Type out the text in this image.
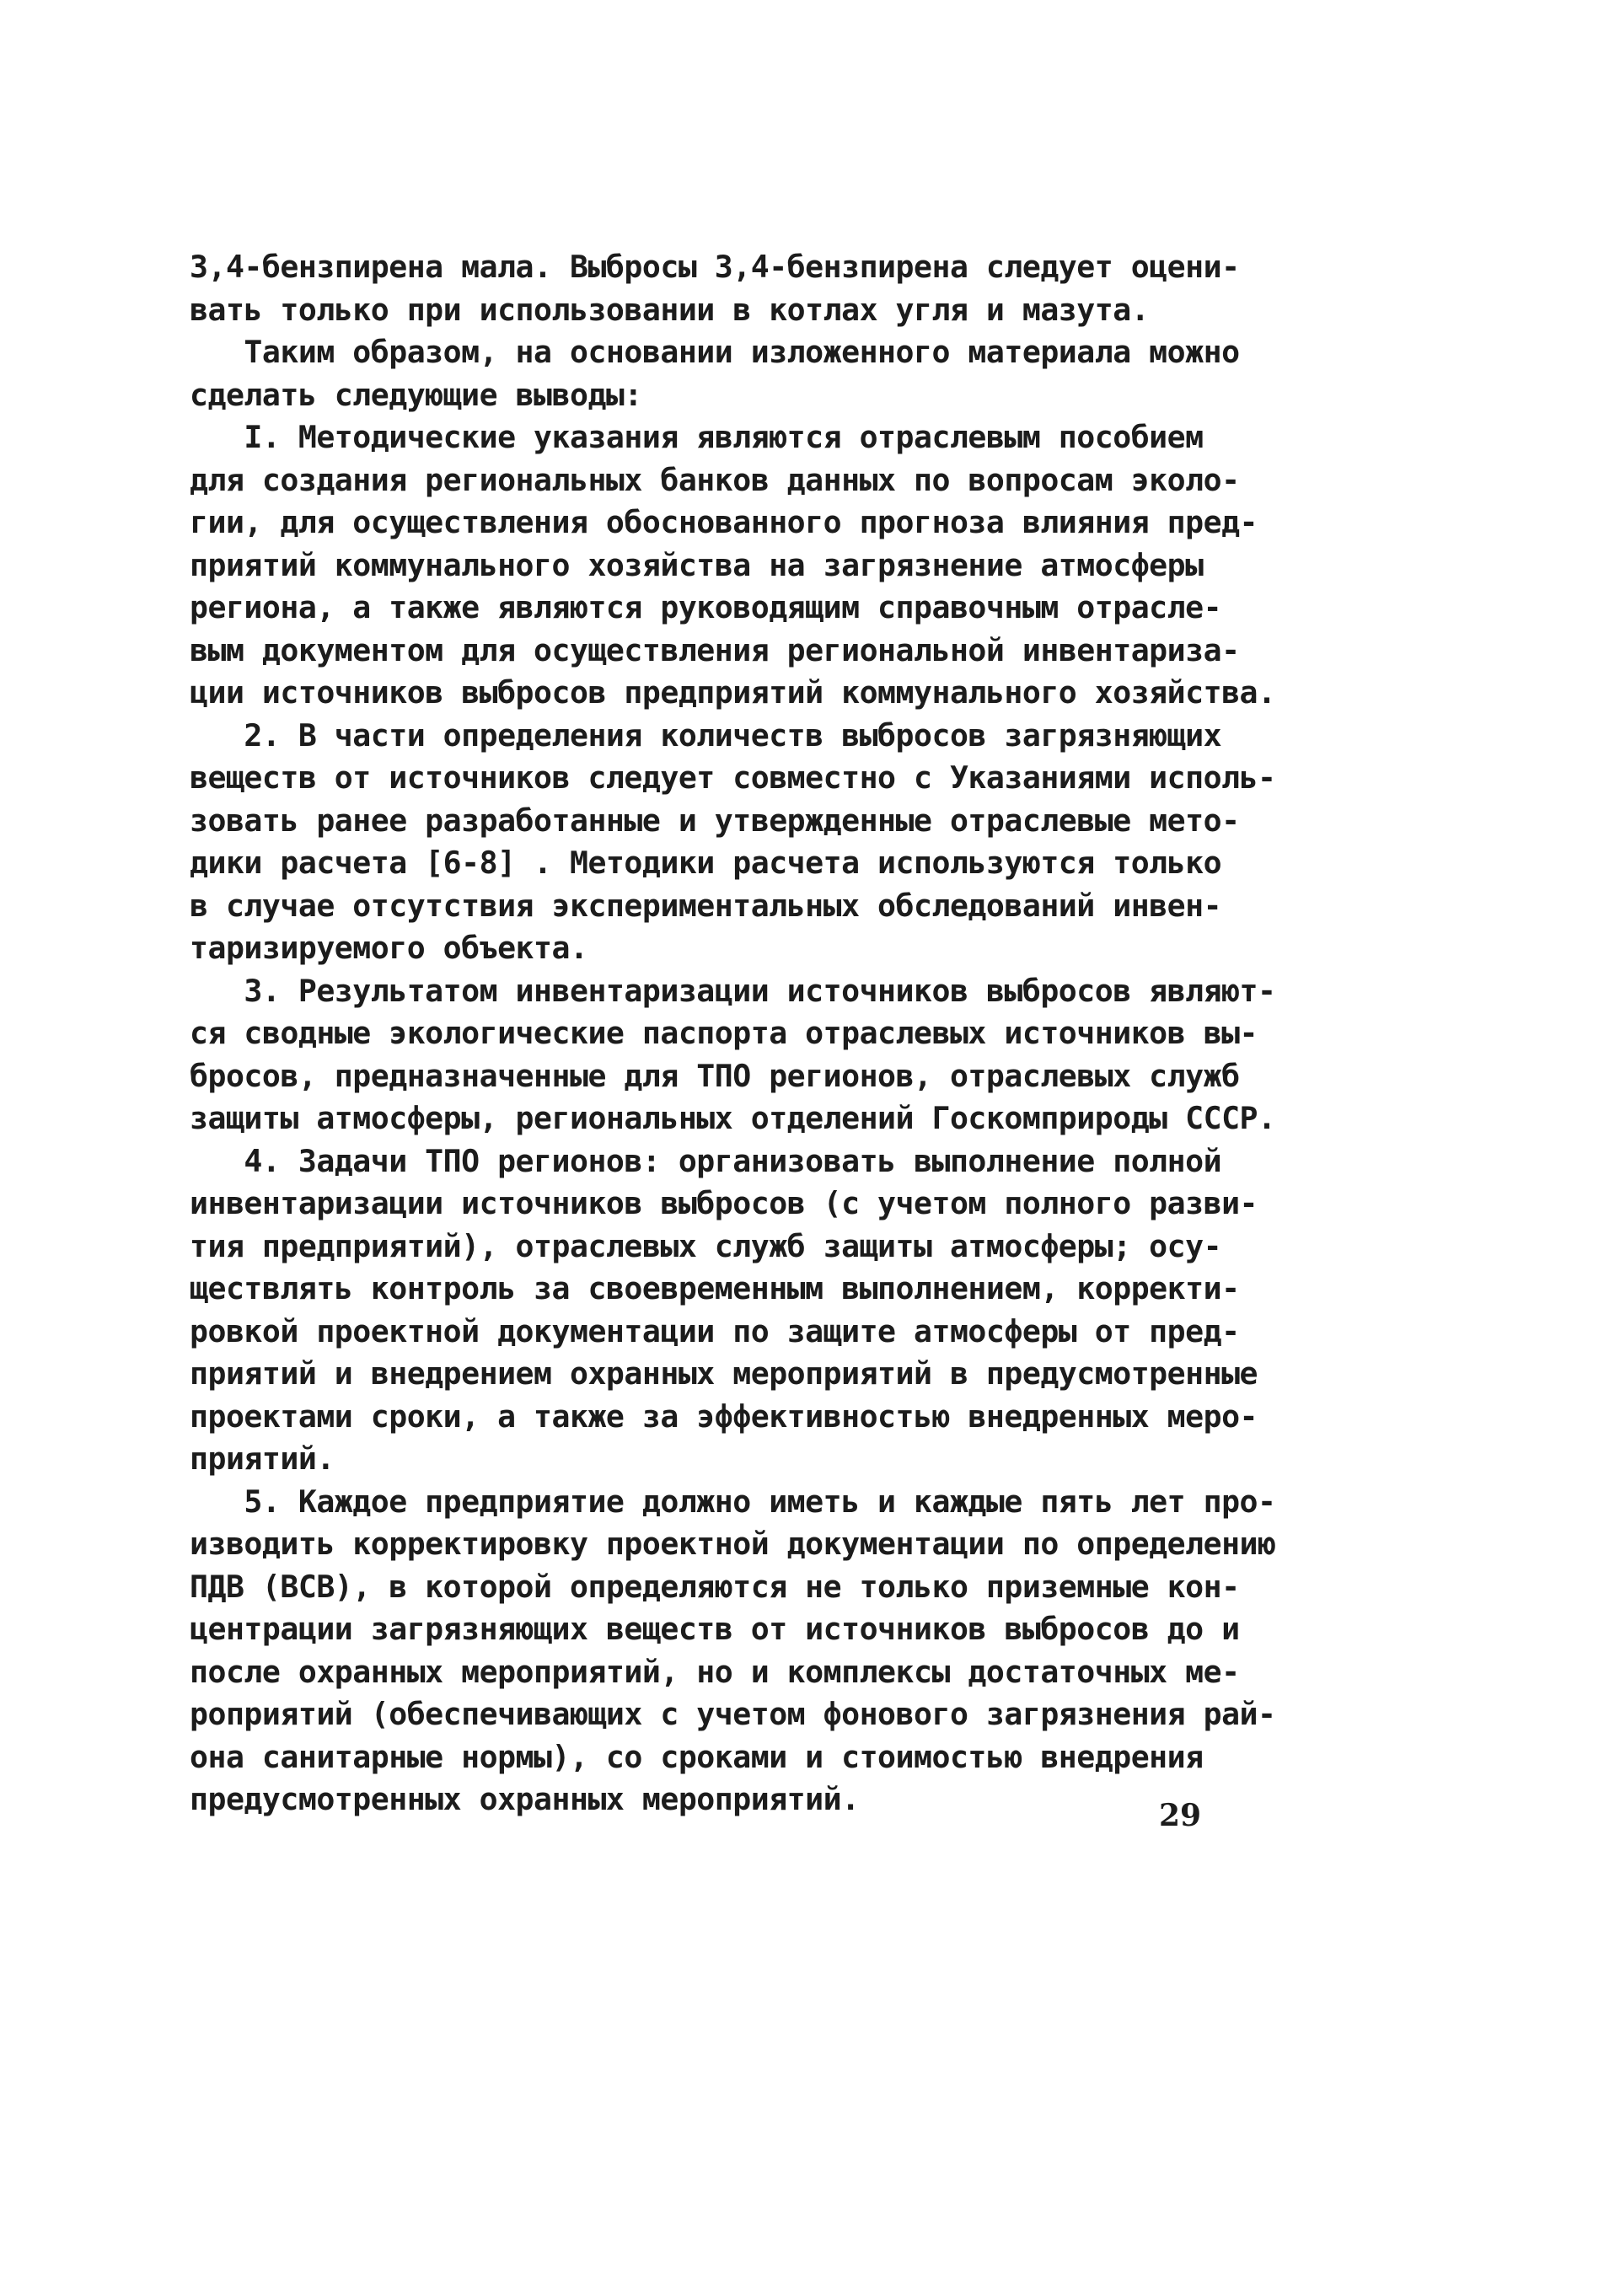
3,4-бензпирена мала. Выбросы 3,4-бензпирена следует оцени-
вать только при использовании в котлах угля и мазута.
Таким образом, на основании изложенного материала можно
сделать следующие выводы:
I. Методические указания являются отраслевым пособием
для создания региональных банков данных по вопросам эколо-
гии, для осуществления обоснованного прогноза влияния пред-
приятий коммунального хозяйства на загрязнение атмосферы
региона, а также являются руководящим справочным отрасле-
вым документом для осуществления региональной инвентариза-
ции источников выбросов предприятий коммунального хозяйства.
2. В части определения количеств выбросов загрязняющих
веществ от источников следует совместно с Указаниями исполь-
зовать ранее разработанные и утвержденные отраслевые мето-
дики расчета [6-8] . Методики расчета используются только
в случае отсутствия экспериментальных обследований инвен-
таризируемого объекта.
3. Результатом инвентаризации источников выбросов являют-
ся сводные экологические паспорта отраслевых источников вы-
бросов, предназначенные для ТПО регионов, отраслевых служб
защиты атмосферы, региональных отделений Госкомприроды СССР.
4. Задачи ТПО регионов: организовать выполнение полной
инвентаризации источников выбросов (с учетом полного разви-
тия предприятий), отраслевых служб защиты атмосферы; осу-
ществлять контроль за своевременным выполнением, корректи-
ровкой проектной документации по защите атмосферы от пред-
приятий и внедрением охранных мероприятий в предусмотренные
проектами сроки, а также за эффективностью внедренных меро-
приятий.
5. Каждое предприятие должно иметь и каждые пять лет про-
изводить корректировку проектной документации по определению
ПДВ (ВСВ), в которой определяются не только приземные кон-
центрации загрязняющих веществ от источников выбросов до и
после охранных мероприятий, но и комплексы достаточных ме-
роприятий (обеспечивающих с учетом фонового загрязнения рай-
она санитарные нормы), со сроками и стоимостью внедрения
предусмотренных охранных мероприятий.	29
